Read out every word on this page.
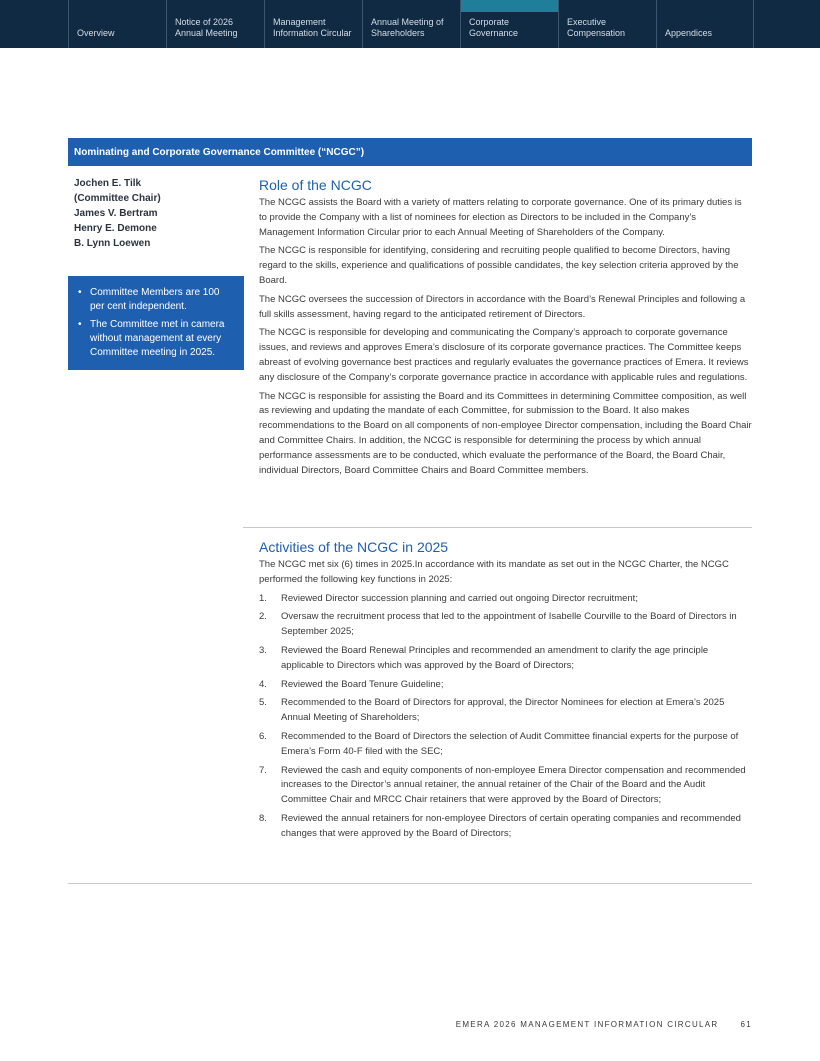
Overview
Notice of 2026
Annual Meeting
Management
Information Circular
Annual Meeting of
Shareholders
Corporate
Governance
Executive
Compensation	Appendices
Nominating and Corporate Governance Committee (“NCGC”)
Jochen E. Tilk
(Committee Chair)
James V. Bertram
Henry E. Demone
B. Lynn Loewen
• Committee Members are 100 per cent independent.
• The Committee met in camera without management at every Committee meeting in 2025.
Role of the NCGC

The NCGC assists the Board with a variety of matters relating to corporate governance. One of its primary duties is to provide the Company with a list of nominees for election as Directors to be included in the Company’s Management Information Circular prior to each Annual Meeting of Shareholders of the Company.

The NCGC is responsible for identifying, considering and recruiting people qualified to become Directors, having regard to the skills, experience and qualifications of possible candidates, the key selection criteria approved by the Board.

The NCGC oversees the succession of Directors in accordance with the Board’s Renewal Principles and following a full skills assessment, having regard to the anticipated retirement of Directors.

The NCGC is responsible for developing and communicating the Company’s approach to corporate governance issues, and reviews and approves Emera’s disclosure of its corporate governance practices. The Committee keeps abreast of evolving governance best practices and regularly evaluates the governance practices of Emera. It reviews any disclosure of the Company’s corporate governance practice in accordance with applicable rules and regulations.

The NCGC is responsible for assisting the Board and its Committees in determining Committee composition, as well as reviewing and updating the mandate of each Committee, for submission to the Board. It also makes recommendations to the Board on all components of non-employee Director compensation, including the Board Chair and Committee Chairs. In addition, the NCGC is responsible for determining the process by which annual performance assessments are to be conducted, which evaluate the performance of the Board, the Board Chair, individual Directors, Board Committee Chairs and Board Committee members.

Activities of the NCGC in 2025

The NCGC met six (6) times in 2025.In accordance with its mandate as set out in the NCGC Charter, the NCGC performed the following key functions in 2025:

1. Reviewed Director succession planning and carried out ongoing Director recruitment;
2. Oversaw the recruitment process that led to the appointment of Isabelle Courville to the Board of Directors in September 2025;
3. Reviewed the Board Renewal Principles and recommended an amendment to clarify the age principle applicable to Directors which was approved by the Board of Directors;
4. Reviewed the Board Tenure Guideline;
5. Recommended to the Board of Directors for approval, the Director Nominees for election at Emera’s 2025 Annual Meeting of Shareholders;
6. Recommended to the Board of Directors the selection of Audit Committee financial experts for the purpose of Emera’s Form 40-F filed with the SEC;
7. Reviewed the cash and equity components of non-employee Emera Director compensation and recommended increases to the Director’s annual retainer, the annual retainer of the Chair of the Board and the Audit Committee Chair and MRCC Chair retainers that were approved by the Board of Directors;
8. Reviewed the annual retainers for non-employee Directors of certain operating companies and recommended changes that were approved by the Board of Directors;
EMERA 2026 MANAGEMENT INFORMATION CIRCULAR	61
